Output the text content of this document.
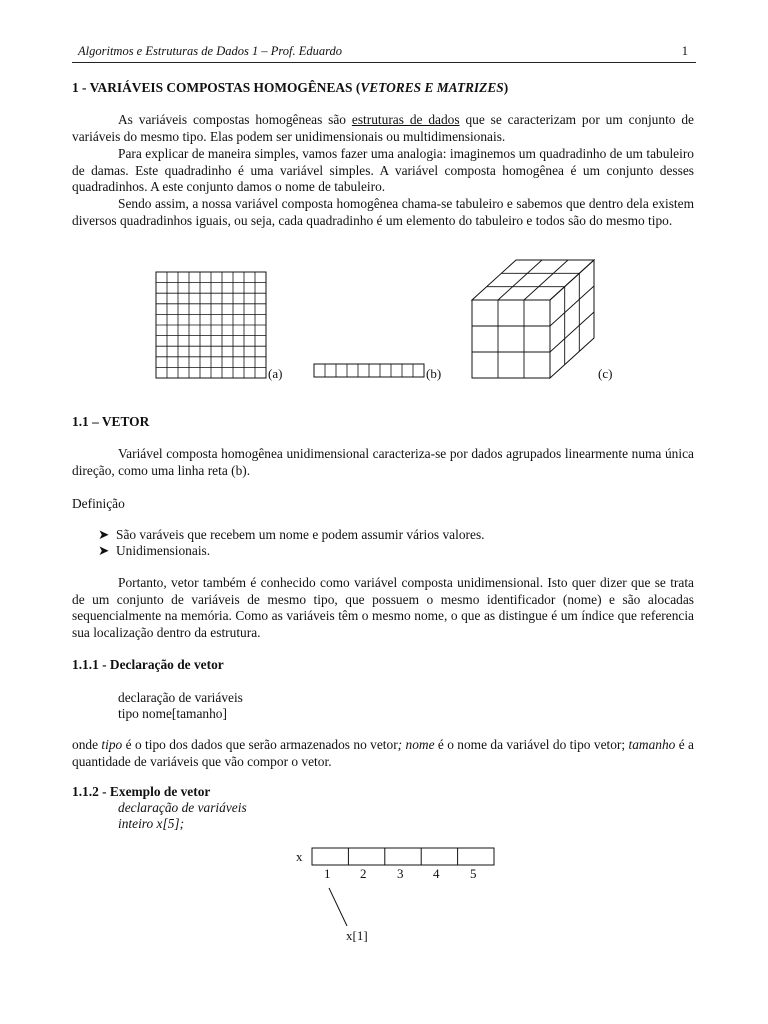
Algoritmos e Estruturas de Dados 1 – Prof. Eduardo	1
1 - VARIÁVEIS COMPOSTAS HOMOGÊNEAS (VETORES E MATRIZES)
As variáveis compostas homogêneas são estruturas de dados que se caracterizam por um conjunto de variáveis do mesmo tipo. Elas podem ser unidimensionais ou multidimensionais.
Para explicar de maneira simples, vamos fazer uma analogia: imaginemos um quadradinho de um tabuleiro de damas. Este quadradinho é uma variável simples. A variável composta homogênea é um conjunto desses quadradinhos. A este conjunto damos o nome de tabuleiro.
Sendo assim, a nossa variável composta homogênea chama-se tabuleiro e sabemos que dentro dela existem diversos quadradinhos iguais, ou seja, cada quadradinho é um elemento do tabuleiro e todos são do mesmo tipo.
(a)	(b)	(c)
1.1 – VETOR
Variável composta homogênea unidimensional caracteriza-se por dados agrupados linearmente numa única direção, como uma linha reta (b).
Definição
➤ São varáveis que recebem um nome e podem assumir vários valores.
➤ Unidimensionais.
Portanto, vetor também é conhecido como variável composta unidimensional. Isto quer dizer que se trata de um conjunto de variáveis de mesmo tipo, que possuem o mesmo identificador (nome) e são alocadas sequencialmente na memória. Como as variáveis têm o mesmo nome, o que as distingue é um índice que referencia sua localização dentro da estrutura.
1.1.1 - Declaração de vetor
declaração de variáveis
tipo nome[tamanho]
onde tipo é o tipo dos dados que serão armazenados no vetor; nome é o nome da variável do tipo vetor; tamanho é a quantidade de variáveis que vão compor o vetor.
1.1.2 - Exemplo de vetor
declaração de variáveis
inteiro x[5];
x
1 2 3 4 5
x[1]
